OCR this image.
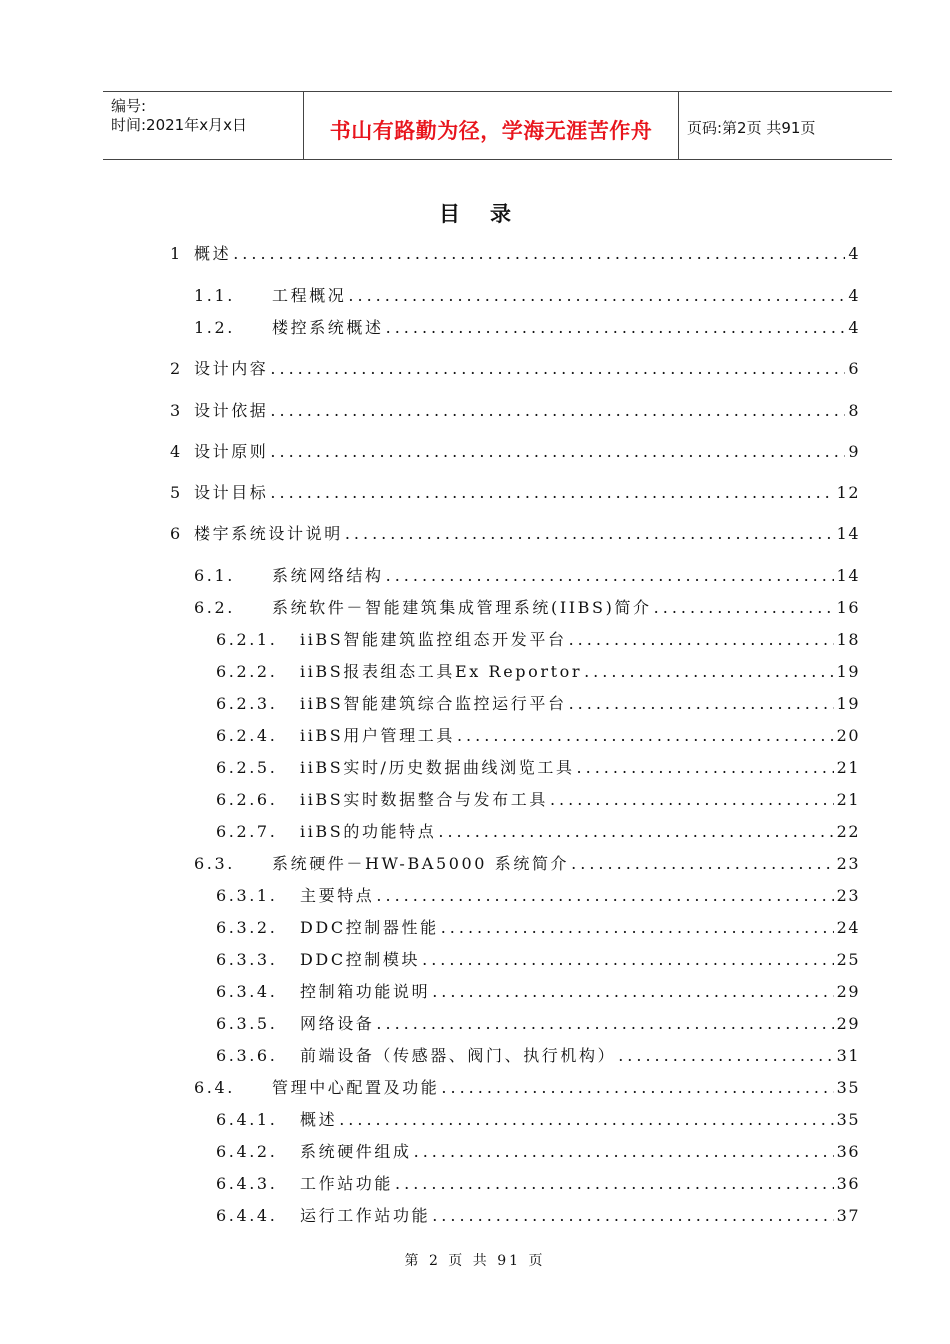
编号:
时间:2021年x月x日	书山有路勤为径，学海无涯苦作舟	页码:第2页 共91页
目录
1 概述 .....	4
1.1.	工程概况 .....	4
1.2.	楼控系统概述 .....	4
2 设计内容 .....	6
3 设计依据 .....	8
4 设计原则 .....	9
5 设计目标 .....	12
6 楼宇系统设计说明 .....	14
6.1.	系统网络结构 .....	14
6.2.	系统软件－智能建筑集成管理系统(IIBS)简介 .....	16
6.2.1.	iiBS智能建筑监控组态开发平台 .....	18
6.2.2.	iiBS报表组态工具Ex Reportor .....	19
6.2.3.	iiBS智能建筑综合监控运行平台 .....	19
6.2.4.	iiBS用户管理工具 .....	20
6.2.5.	iiBS实时/历史数据曲线浏览工具 .....	21
6.2.6.	iiBS实时数据整合与发布工具 .....	21
6.2.7.	iiBS的功能特点 .....	22
6.3.	系统硬件－HW-BA5000 系统简介 .....	23
6.3.1.	主要特点 .....	23
6.3.2.	DDC控制器性能 .....	24
6.3.3.	DDC控制模块 .....	25
6.3.4.	控制箱功能说明 .....	29
6.3.5.	网络设备 .....	29
6.3.6.	前端设备（传感器、阀门、执行机构） .....	31
6.4.	管理中心配置及功能 .....	35
6.4.1.	概述 .....	35
6.4.2.	系统硬件组成 .....	36
6.4.3.	工作站功能 .....	36
6.4.4.	运行工作站功能 .....	37
第 2 页 共 91 页
